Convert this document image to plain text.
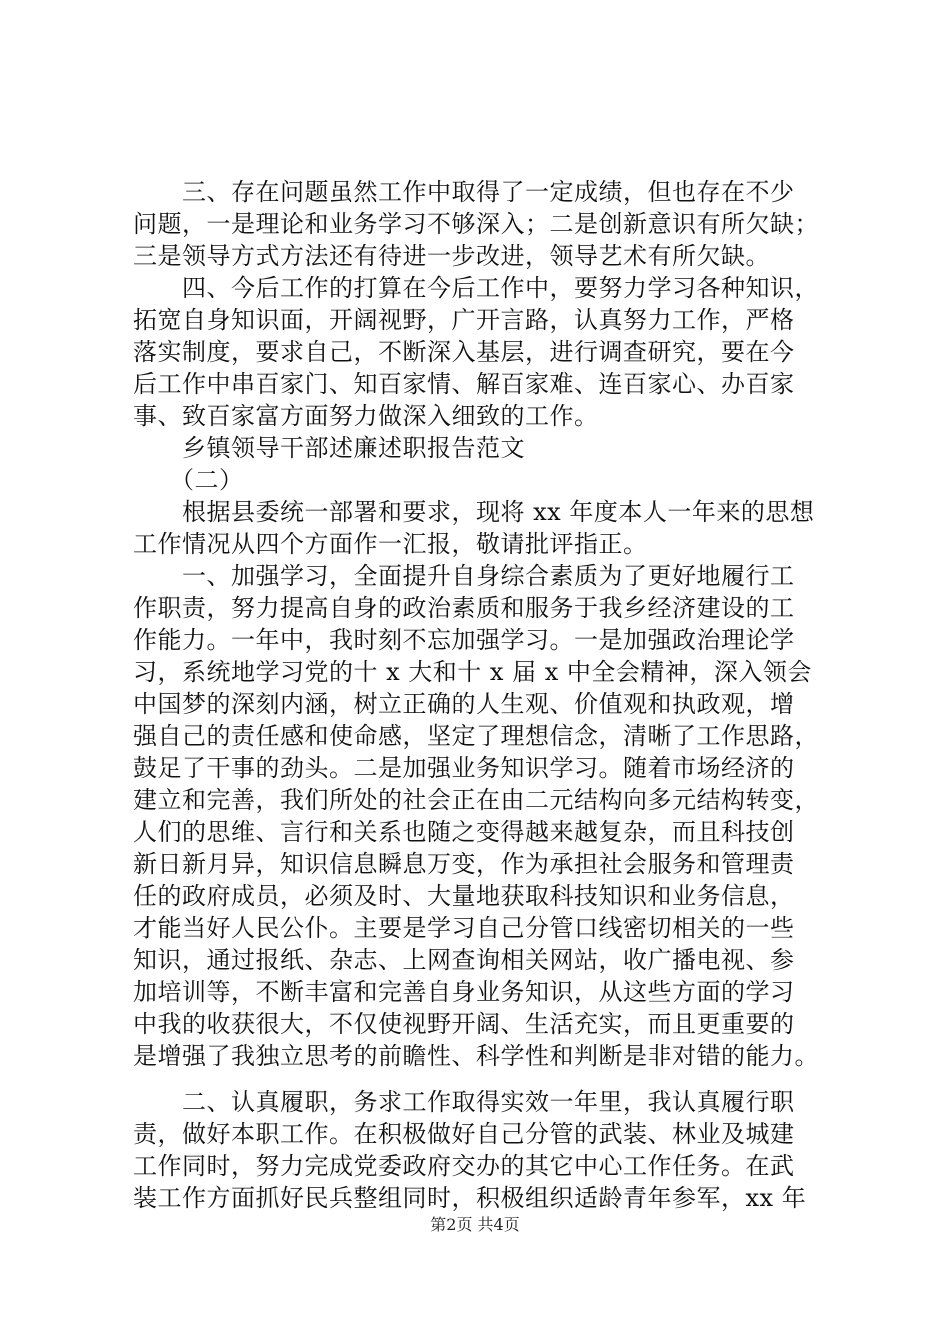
　　三、存在问题虽然工作中取得了一定成绩，但也存在不少
问题，一是理论和业务学习不够深入；二是创新意识有所欠缺；
三是领导方式方法还有待进一步改进，领导艺术有所欠缺。
　　四、今后工作的打算在今后工作中，要努力学习各种知识，
拓宽自身知识面，开阔视野，广开言路，认真努力工作，严格
落实制度，要求自己，不断深入基层，进行调查研究，要在今
后工作中串百家门、知百家情、解百家难、连百家心、办百家
事、致百家富方面努力做深入细致的工作。
　　乡镇领导干部述廉述职报告范文
　　（二）
　　根据县委统一部署和要求，现将 xx 年度本人一年来的思想
工作情况从四个方面作一汇报，敬请批评指正。
　　一、加强学习，全面提升自身综合素质为了更好地履行工
作职责，努力提高自身的政治素质和服务于我乡经济建设的工
作能力。一年中，我时刻不忘加强学习。一是加强政治理论学
习，系统地学习党的十 x 大和十 x 届 x 中全会精神，深入领会
中国梦的深刻内涵，树立正确的人生观、价值观和执政观，增
强自己的责任感和使命感，坚定了理想信念，清晰了工作思路，
鼓足了干事的劲头。二是加强业务知识学习。随着市场经济的
建立和完善，我们所处的社会正在由二元结构向多元结构转变，
人们的思维、言行和关系也随之变得越来越复杂，而且科技创
新日新月异，知识信息瞬息万变，作为承担社会服务和管理责
任的政府成员，必须及时、大量地获取科技知识和业务信息，
才能当好人民公仆。主要是学习自己分管口线密切相关的一些
知识，通过报纸、杂志、上网查询相关网站，收广播电视、参
加培训等，不断丰富和完善自身业务知识，从这些方面的学习
中我的收获很大，不仅使视野开阔、生活充实，而且更重要的
是增强了我独立思考的前瞻性、科学性和判断是非对错的能力。
　　二、认真履职，务求工作取得实效一年里，我认真履行职
责，做好本职工作。在积极做好自己分管的武装、林业及城建
工作同时，努力完成党委政府交办的其它中心工作任务。在武
装工作方面抓好民兵整组同时，积极组织适龄青年参军，xx 年
第2页 共4页
